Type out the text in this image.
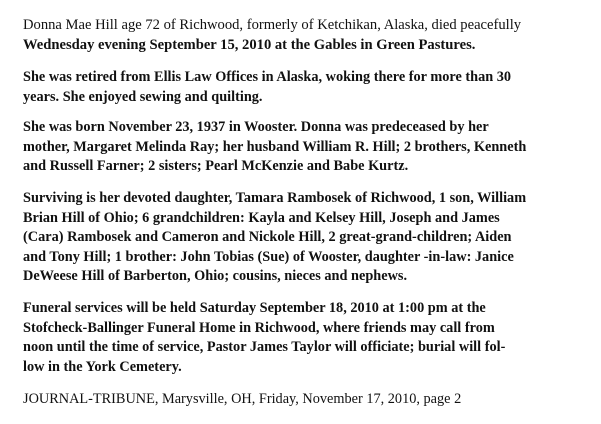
Donna Mae Hill age 72 of Richwood, formerly of Ketchikan, Alaska, died peacefully
Wednesday evening September 15, 2010 at the Gables in Green Pastures.

She was retired from Ellis Law Offices in Alaska, woking there for more than 30
years. She enjoyed sewing and quilting.

She was born November 23, 1937 in Wooster. Donna was predeceased by her
mother, Margaret Melinda Ray; her husband William R. Hill; 2 brothers, Kenneth
and Russell Farner; 2 sisters; Pearl McKenzie and Babe Kurtz.

Surviving is her devoted daughter, Tamara Rambosek of Richwood, 1 son, William
Brian Hill of Ohio; 6 grandchildren: Kayla and Kelsey Hill, Joseph and James
(Cara) Rambosek and Cameron and Nickole Hill, 2 great-grand-children; Aiden
and Tony Hill; 1 brother: John Tobias (Sue) of Wooster, daughter -in-law: Janice
DeWeese Hill of Barberton, Ohio; cousins, nieces and nephews.

Funeral services will be held Saturday September 18, 2010 at 1:00 pm at the
Stofcheck-Ballinger Funeral Home in Richwood, where friends may call from
noon until the time of service, Pastor James Taylor will officiate; burial will fol-
low in the York Cemetery.

JOURNAL-TRIBUNE, Marysville, OH, Friday, November 17, 2010, page 2
